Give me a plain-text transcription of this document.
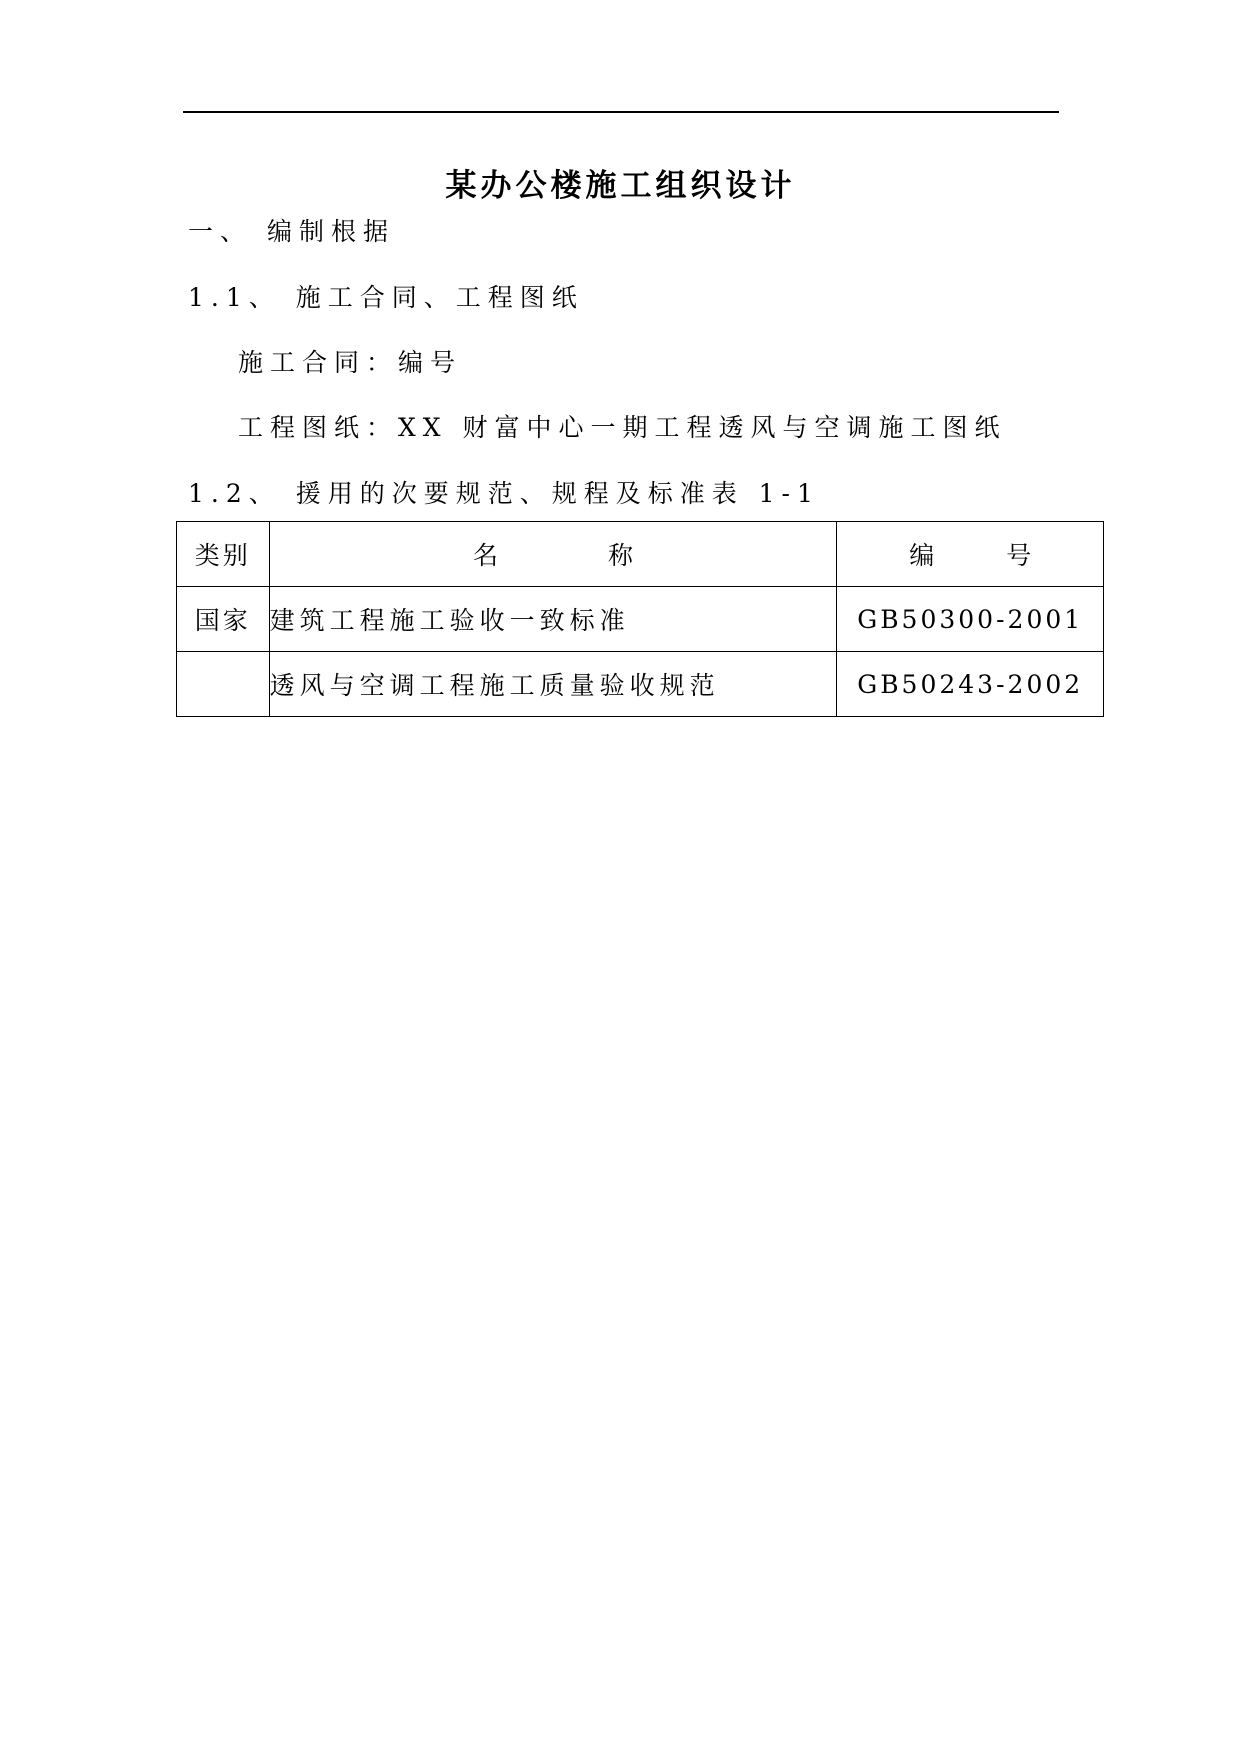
某办公楼施工组织设计
一、 编制根据
1.1、 施工合同、工程图纸
施工合同：编号
工程图纸：XX 财富中心一期工程透风与空调施工图纸
1.2、 援用的次要规范、规程及标准表 1-1
类别	名 称	编 号
国家	建筑工程施工验收一致标准	GB50300-2001
	透风与空调工程施工质量验收规范	GB50243-2002
